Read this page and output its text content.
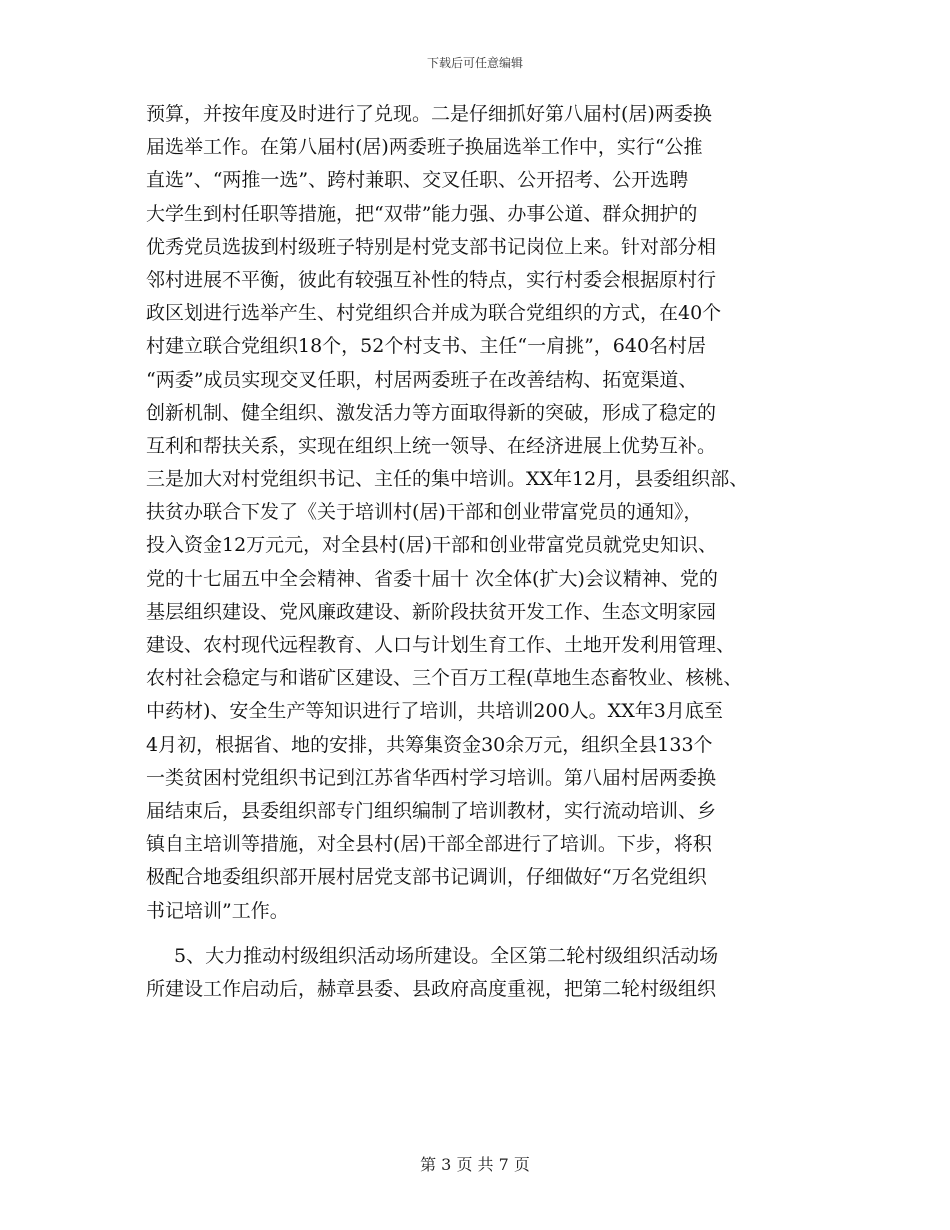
下载后可任意编辑
预算，并按年度及时进行了兑现。二是仔细抓好第八届村(居)两委换
届选举工作。在第八届村(居)两委班子换届选举工作中，实行“公推
直选”、“两推一选”、跨村兼职、交叉任职、公开招考、公开选聘
大学生到村任职等措施，把“双带”能力强、办事公道、群众拥护的
优秀党员选拔到村级班子特别是村党支部书记岗位上来。针对部分相
邻村进展不平衡，彼此有较强互补性的特点，实行村委会根据原村行
政区划进行选举产生、村党组织合并成为联合党组织的方式，在40个
村建立联合党组织18个，52个村支书、主任“一肩挑”，640名村居
“两委”成员实现交叉任职，村居两委班子在改善结构、拓宽渠道、
创新机制、健全组织、激发活力等方面取得新的突破，形成了稳定的
互利和帮扶关系，实现在组织上统一领导、在经济进展上优势互补。
三是加大对村党组织书记、主任的集中培训。XX年12月，县委组织部、
扶贫办联合下发了《关于培训村(居)干部和创业带富党员的通知》，
投入资金12万元元，对全县村(居)干部和创业带富党员就党史知识、
党的十七届五中全会精神、省委十届十 次全体(扩大)会议精神、党的
基层组织建设、党风廉政建设、新阶段扶贫开发工作、生态文明家园
建设、农村现代远程教育、人口与计划生育工作、土地开发利用管理、
农村社会稳定与和谐矿区建设、三个百万工程(草地生态畜牧业、核桃、
中药材)、安全生产等知识进行了培训，共培训200人。XX年3月底至
4月初，根据省、地的安排，共筹集资金30余万元，组织全县133个
一类贫困村党组织书记到江苏省华西村学习培训。第八届村居两委换
届结束后，县委组织部专门组织编制了培训教材，实行流动培训、乡
镇自主培训等措施，对全县村(居)干部全部进行了培训。下步，将积
极配合地委组织部开展村居党支部书记调训，仔细做好“万名党组织
书记培训”工作。
5、大力推动村级组织活动场所建设。全区第二轮村级组织活动场
所建设工作启动后，赫章县委、县政府高度重视，把第二轮村级组织
第 3 页 共 7 页
